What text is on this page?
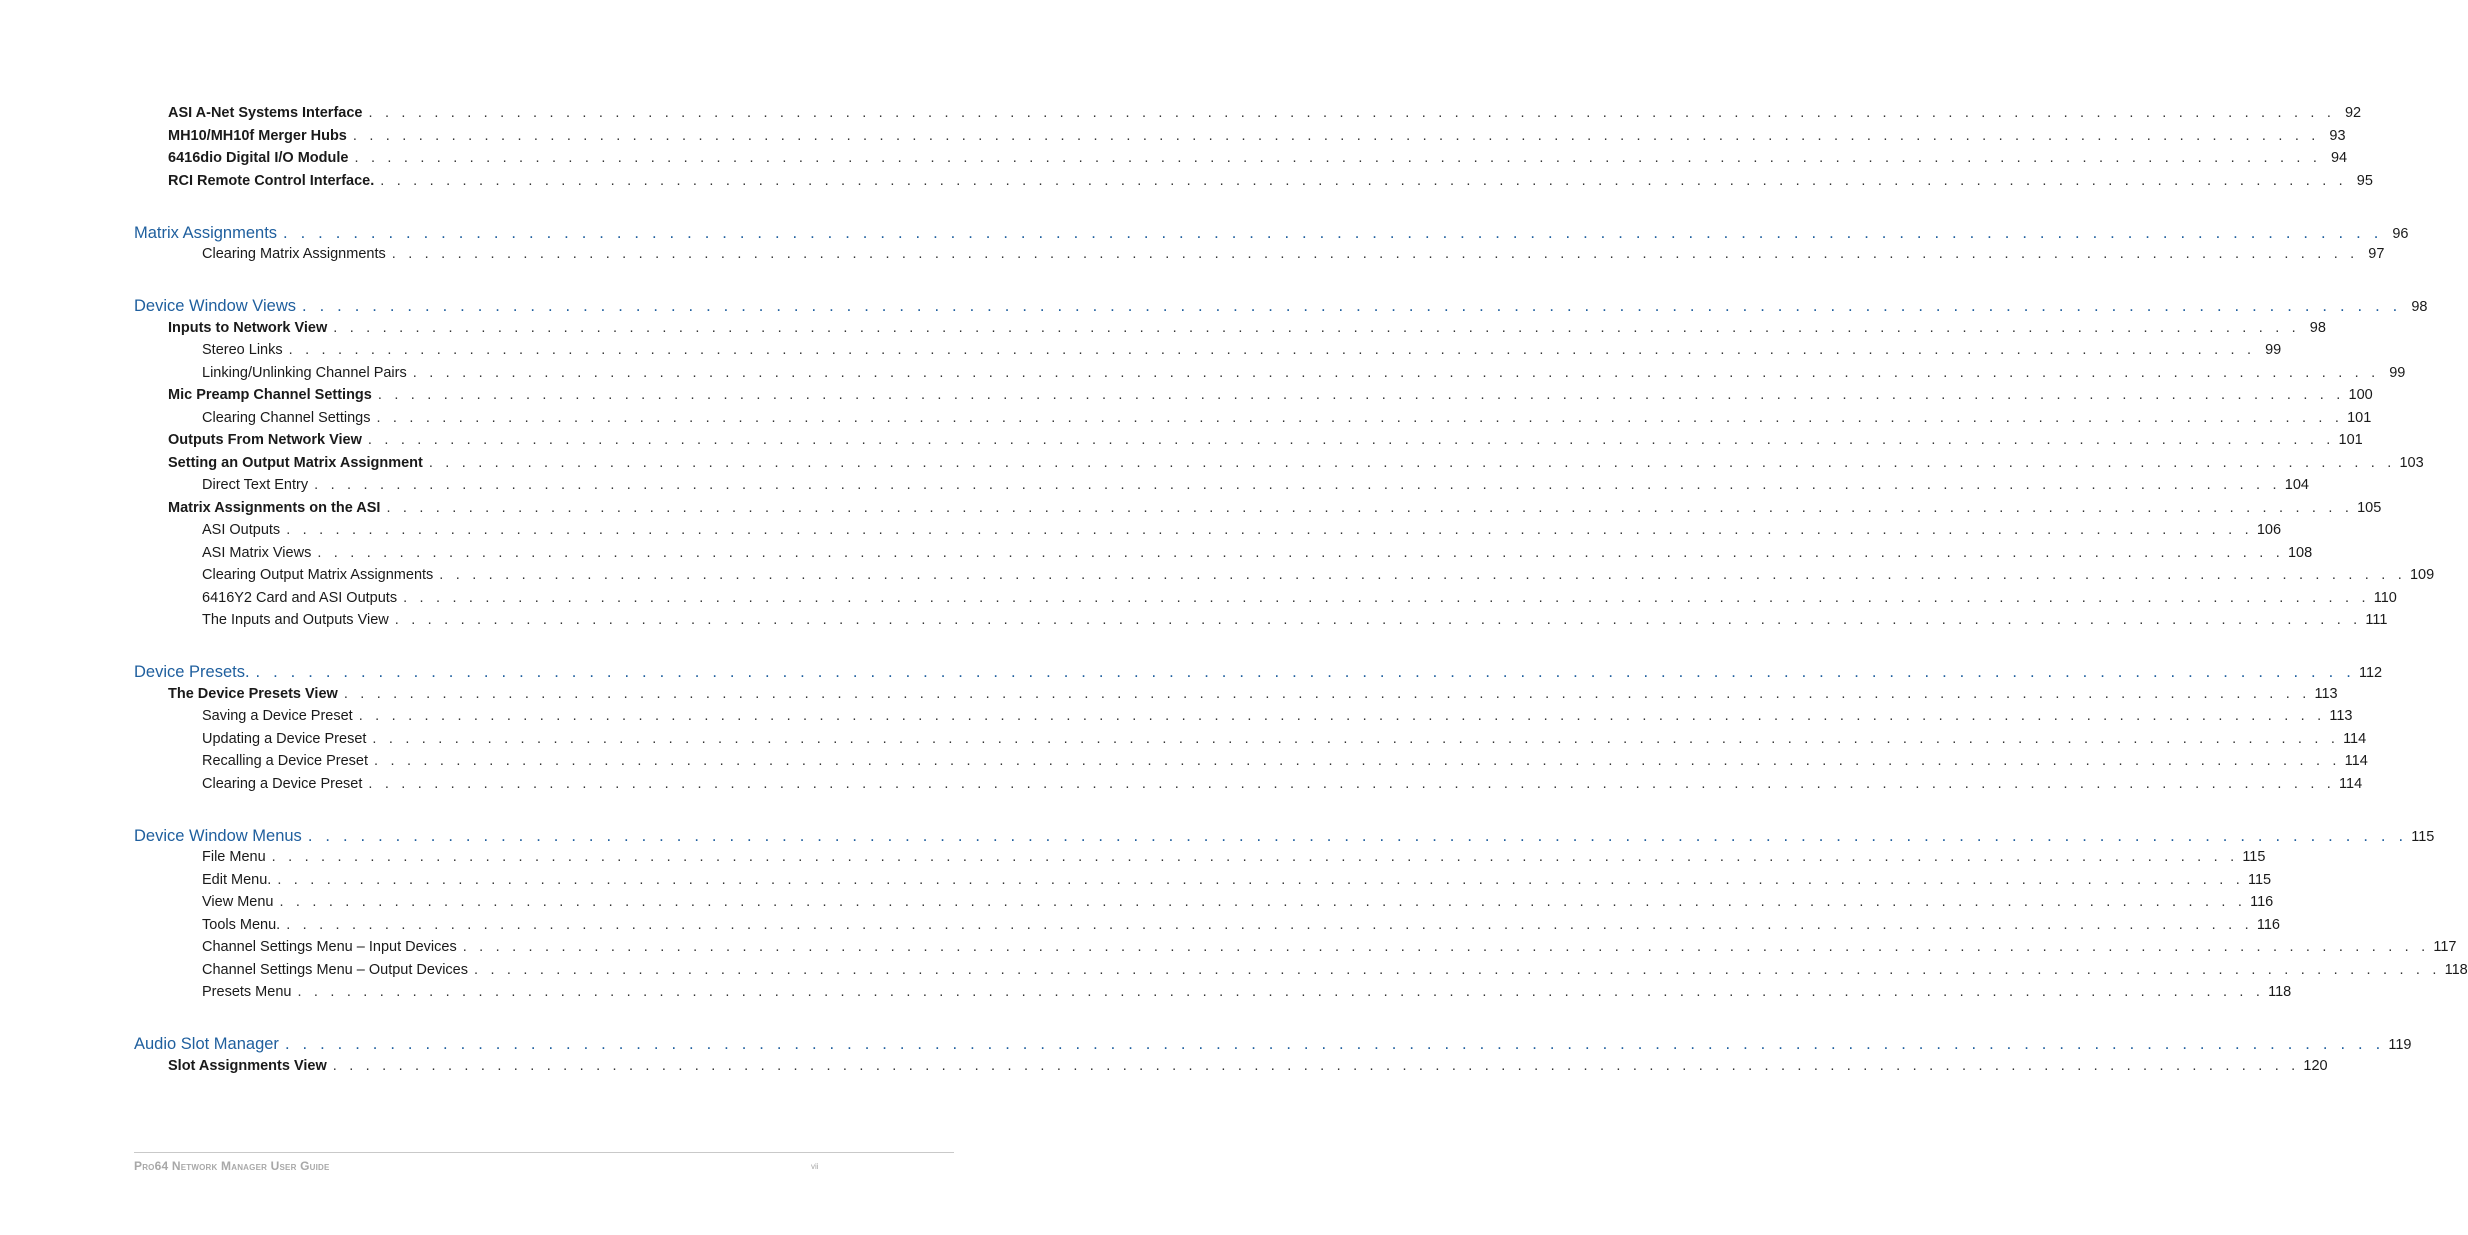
ASI A-Net Systems Interface . . . . . . . . . . . . . . . . . . . . . . . . . . . . . . . . . . . . . . . . . . . . . . . . . . . . . . . . . . . . . . . . . . . . . . . . . . . . . . . . . . . . . . . . . . . . . . . . . . . . . . . . . . . . . . . . . . . . . . . . 92
MH10/MH10f Merger Hubs . . . . . . . . . . . . . . . . . . . . . . . . . . . . . . . . . . . . . . . . . . . . . . . . . . . . . . . . . . . . . . . . . . . . . . . . . . . . . . . . . . . . . . . . . . . . . . . . . . . . . . . . . . . . . . . . . . . . . . . . 93
6416dio Digital I/O Module . . . . . . . . . . . . . . . . . . . . . . . . . . . . . . . . . . . . . . . . . . . . . . . . . . . . . . . . . . . . . . . . . . . . . . . . . . . . . . . . . . . . . . . . . . . . . . . . . . . . . . . . . . . . . . . . . . . . . . . . 94
RCI Remote Control Interface. . . . . . . . . . . . . . . . . . . . . . . . . . . . . . . . . . . . . . . . . . . . . . . . . . . . . . . . . . . . . . . . . . . . . . . . . . . . . . . . . . . . . . . . . . . . . . . . . . . . . . . . . . . . . . . . . . . . . . . . . 95
Matrix Assignments . . . . . . . . . . . . . . . . . . . . . . . . . . . . . . . . . . . . . . . . . . . . . . . . . . . . . . . . . . . . . . . . . . . . . . . . . . . . . . . . . . . . . . . . . . . . . . . . . . . . . . . . . . . . . . . . . . . . . . . . 96
Clearing Matrix Assignments . . . . . . . . . . . . . . . . . . . . . . . . . . . . . . . . . . . . . . . . . . . . . . . . . . . . . . . . . . . . . . . . . . . . . . . . . . . . . . . . . . . . . . . . . . . . . . . . . . . . . . . . . . . . . . . . . . . . . . . . 97
Device Window Views . . . . . . . . . . . . . . . . . . . . . . . . . . . . . . . . . . . . . . . . . . . . . . . . . . . . . . . . . . . . . . . . . . . . . . . . . . . . . . . . . . . . . . . . . . . . . . . . . . . . . . . . . . . . . . . . . . . . . . . . 98
Inputs to Network View . . . . . . . . . . . . . . . . . . . . . . . . . . . . . . . . . . . . . . . . . . . . . . . . . . . . . . . . . . . . . . . . . . . . . . . . . . . . . . . . . . . . . . . . . . . . . . . . . . . . . . . . . . . . . . . . . . . . . . . . 98
Stereo Links . . . . . . . . . . . . . . . . . . . . . . . . . . . . . . . . . . . . . . . . . . . . . . . . . . . . . . . . . . . . . . . . . . . . . . . . . . . . . . . . . . . . . . . . . . . . . . . . . . . . . . . . . . . . . . . . . . . . . . . . 99
Linking/Unlinking Channel Pairs . . . . . . . . . . . . . . . . . . . . . . . . . . . . . . . . . . . . . . . . . . . . . . . . . . . . . . . . . . . . . . . . . . . . . . . . . . . . . . . . . . . . . . . . . . . . . . . . . . . . . . . . . . . . . . . . . . . . . . . . 99
Mic Preamp Channel Settings . . . . . . . . . . . . . . . . . . . . . . . . . . . . . . . . . . . . . . . . . . . . . . . . . . . . . . . . . . . . . . . . . . . . . . . . . . . . . . . . . . . . . . . . . . . . . . . . . . . . . . . . . . . . . . . . . . . . . . . . 100
Clearing Channel Settings . . . . . . . . . . . . . . . . . . . . . . . . . . . . . . . . . . . . . . . . . . . . . . . . . . . . . . . . . . . . . . . . . . . . . . . . . . . . . . . . . . . . . . . . . . . . . . . . . . . . . . . . . . . . . . . . . . . . . . . . 101
Outputs From Network View . . . . . . . . . . . . . . . . . . . . . . . . . . . . . . . . . . . . . . . . . . . . . . . . . . . . . . . . . . . . . . . . . . . . . . . . . . . . . . . . . . . . . . . . . . . . . . . . . . . . . . . . . . . . . . . . . . . . . . . . 101
Setting an Output Matrix Assignment . . . . . . . . . . . . . . . . . . . . . . . . . . . . . . . . . . . . . . . . . . . . . . . . . . . . . . . . . . . . . . . . . . . . . . . . . . . . . . . . . . . . . . . . . . . . . . . . . . . . . . . . . . . . . . . . . . . . . . . . 103
Direct Text Entry . . . . . . . . . . . . . . . . . . . . . . . . . . . . . . . . . . . . . . . . . . . . . . . . . . . . . . . . . . . . . . . . . . . . . . . . . . . . . . . . . . . . . . . . . . . . . . . . . . . . . . . . . . . . . . . . . . . . . . . . 104
Matrix Assignments on the ASI . . . . . . . . . . . . . . . . . . . . . . . . . . . . . . . . . . . . . . . . . . . . . . . . . . . . . . . . . . . . . . . . . . . . . . . . . . . . . . . . . . . . . . . . . . . . . . . . . . . . . . . . . . . . . . . . . . . . . . . . 105
ASI Outputs . . . . . . . . . . . . . . . . . . . . . . . . . . . . . . . . . . . . . . . . . . . . . . . . . . . . . . . . . . . . . . . . . . . . . . . . . . . . . . . . . . . . . . . . . . . . . . . . . . . . . . . . . . . . . . . . . . . . . . . . 106
ASI Matrix Views . . . . . . . . . . . . . . . . . . . . . . . . . . . . . . . . . . . . . . . . . . . . . . . . . . . . . . . . . . . . . . . . . . . . . . . . . . . . . . . . . . . . . . . . . . . . . . . . . . . . . . . . . . . . . . . . . . . . . . . . 108
Clearing Output Matrix Assignments . . . . . . . . . . . . . . . . . . . . . . . . . . . . . . . . . . . . . . . . . . . . . . . . . . . . . . . . . . . . . . . . . . . . . . . . . . . . . . . . . . . . . . . . . . . . . . . . . . . . . . . . . . . . . . . . . . . . . . . . 109
6416Y2 Card and ASI Outputs . . . . . . . . . . . . . . . . . . . . . . . . . . . . . . . . . . . . . . . . . . . . . . . . . . . . . . . . . . . . . . . . . . . . . . . . . . . . . . . . . . . . . . . . . . . . . . . . . . . . . . . . . . . . . . . . . . . . . . . . 110
The Inputs and Outputs View . . . . . . . . . . . . . . . . . . . . . . . . . . . . . . . . . . . . . . . . . . . . . . . . . . . . . . . . . . . . . . . . . . . . . . . . . . . . . . . . . . . . . . . . . . . . . . . . . . . . . . . . . . . . . . . . . . . . . . . . 111
Device Presets. . . . . . . . . . . . . . . . . . . . . . . . . . . . . . . . . . . . . . . . . . . . . . . . . . . . . . . . . . . . . . . . . . . . . . . . . . . . . . . . . . . . . . . . . . . . . . . . . . . . . . . . . . . . . . . . . . . . . . . . . 112
The Device Presets View . . . . . . . . . . . . . . . . . . . . . . . . . . . . . . . . . . . . . . . . . . . . . . . . . . . . . . . . . . . . . . . . . . . . . . . . . . . . . . . . . . . . . . . . . . . . . . . . . . . . . . . . . . . . . . . . . . . . . . . . 113
Saving a Device Preset . . . . . . . . . . . . . . . . . . . . . . . . . . . . . . . . . . . . . . . . . . . . . . . . . . . . . . . . . . . . . . . . . . . . . . . . . . . . . . . . . . . . . . . . . . . . . . . . . . . . . . . . . . . . . . . . . . . . . . . . 113
Updating a Device Preset . . . . . . . . . . . . . . . . . . . . . . . . . . . . . . . . . . . . . . . . . . . . . . . . . . . . . . . . . . . . . . . . . . . . . . . . . . . . . . . . . . . . . . . . . . . . . . . . . . . . . . . . . . . . . . . . . . . . . . . . 114
Recalling a Device Preset . . . . . . . . . . . . . . . . . . . . . . . . . . . . . . . . . . . . . . . . . . . . . . . . . . . . . . . . . . . . . . . . . . . . . . . . . . . . . . . . . . . . . . . . . . . . . . . . . . . . . . . . . . . . . . . . . . . . . . . . 114
Clearing a Device Preset . . . . . . . . . . . . . . . . . . . . . . . . . . . . . . . . . . . . . . . . . . . . . . . . . . . . . . . . . . . . . . . . . . . . . . . . . . . . . . . . . . . . . . . . . . . . . . . . . . . . . . . . . . . . . . . . . . . . . . . . 114
Device Window Menus . . . . . . . . . . . . . . . . . . . . . . . . . . . . . . . . . . . . . . . . . . . . . . . . . . . . . . . . . . . . . . . . . . . . . . . . . . . . . . . . . . . . . . . . . . . . . . . . . . . . . . . . . . . . . . . . . . . . . . . . 115
File Menu . . . . . . . . . . . . . . . . . . . . . . . . . . . . . . . . . . . . . . . . . . . . . . . . . . . . . . . . . . . . . . . . . . . . . . . . . . . . . . . . . . . . . . . . . . . . . . . . . . . . . . . . . . . . . . . . . . . . . . . . 115
Edit Menu. . . . . . . . . . . . . . . . . . . . . . . . . . . . . . . . . . . . . . . . . . . . . . . . . . . . . . . . . . . . . . . . . . . . . . . . . . . . . . . . . . . . . . . . . . . . . . . . . . . . . . . . . . . . . . . . . . . . . . . . . 115
View Menu . . . . . . . . . . . . . . . . . . . . . . . . . . . . . . . . . . . . . . . . . . . . . . . . . . . . . . . . . . . . . . . . . . . . . . . . . . . . . . . . . . . . . . . . . . . . . . . . . . . . . . . . . . . . . . . . . . . . . . . . 116
Tools Menu. . . . . . . . . . . . . . . . . . . . . . . . . . . . . . . . . . . . . . . . . . . . . . . . . . . . . . . . . . . . . . . . . . . . . . . . . . . . . . . . . . . . . . . . . . . . . . . . . . . . . . . . . . . . . . . . . . . . . . . . . 116
Channel Settings Menu – Input Devices . . . . . . . . . . . . . . . . . . . . . . . . . . . . . . . . . . . . . . . . . . . . . . . . . . . . . . . . . . . . . . . . . . . . . . . . . . . . . . . . . . . . . . . . . . . . . . . . . . . . . . . . . . . . . . . . . . . . . . . . 117
Channel Settings Menu – Output Devices . . . . . . . . . . . . . . . . . . . . . . . . . . . . . . . . . . . . . . . . . . . . . . . . . . . . . . . . . . . . . . . . . . . . . . . . . . . . . . . . . . . . . . . . . . . . . . . . . . . . . . . . . . . . . . . . . . . . . . . . 118
Presets Menu . . . . . . . . . . . . . . . . . . . . . . . . . . . . . . . . . . . . . . . . . . . . . . . . . . . . . . . . . . . . . . . . . . . . . . . . . . . . . . . . . . . . . . . . . . . . . . . . . . . . . . . . . . . . . . . . . . . . . . . . 118
Audio Slot Manager . . . . . . . . . . . . . . . . . . . . . . . . . . . . . . . . . . . . . . . . . . . . . . . . . . . . . . . . . . . . . . . . . . . . . . . . . . . . . . . . . . . . . . . . . . . . . . . . . . . . . . . . . . . . . . . . . . . . . . . . 119
Slot Assignments View . . . . . . . . . . . . . . . . . . . . . . . . . . . . . . . . . . . . . . . . . . . . . . . . . . . . . . . . . . . . . . . . . . . . . . . . . . . . . . . . . . . . . . . . . . . . . . . . . . . . . . . . . . . . . . . . . . . . . . . . 120
Pro64 Network Manager User Guide	vii
